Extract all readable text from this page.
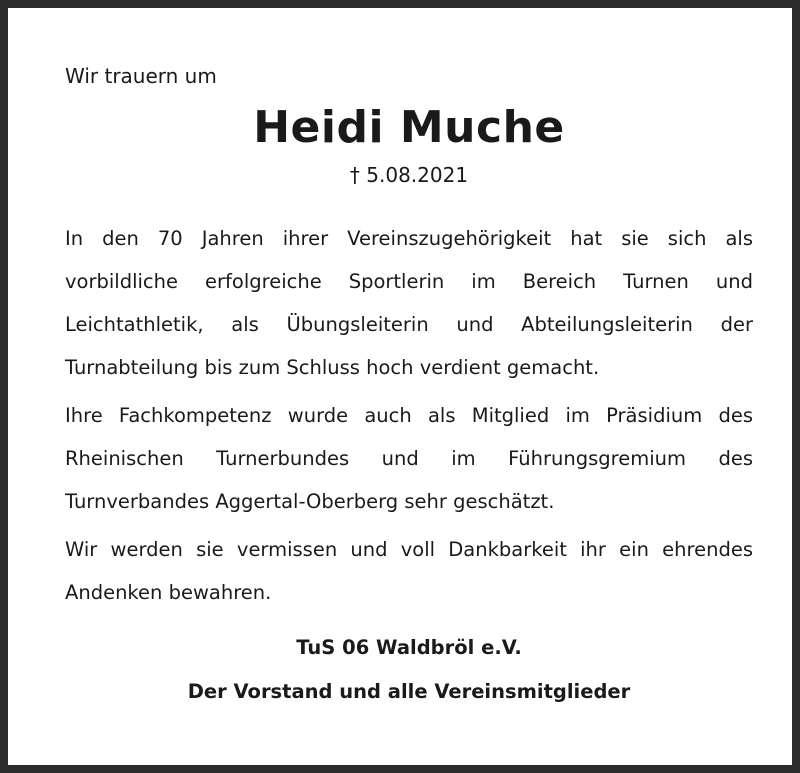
Wir trauern um

Heidi Muche

† 5.08.2021

In den 70 Jahren ihrer Vereinszugehörigkeit hat sie sich als vorbildliche erfolgreiche Sportlerin im Bereich Turnen und Leichtathletik, als Übungsleiterin und Abteilungsleiterin der Turnabteilung bis zum Schluss hoch verdient gemacht.

Ihre Fachkompetenz wurde auch als Mitglied im Präsidium des Rheinischen Turnerbundes und im Führungsgremium des Turnverbandes Aggertal-Oberberg sehr geschätzt.

Wir werden sie vermissen und voll Dankbarkeit ihr ein ehrendes Andenken bewahren.

TuS 06 Waldbröl e.V.

Der Vorstand und alle Vereinsmitglieder
